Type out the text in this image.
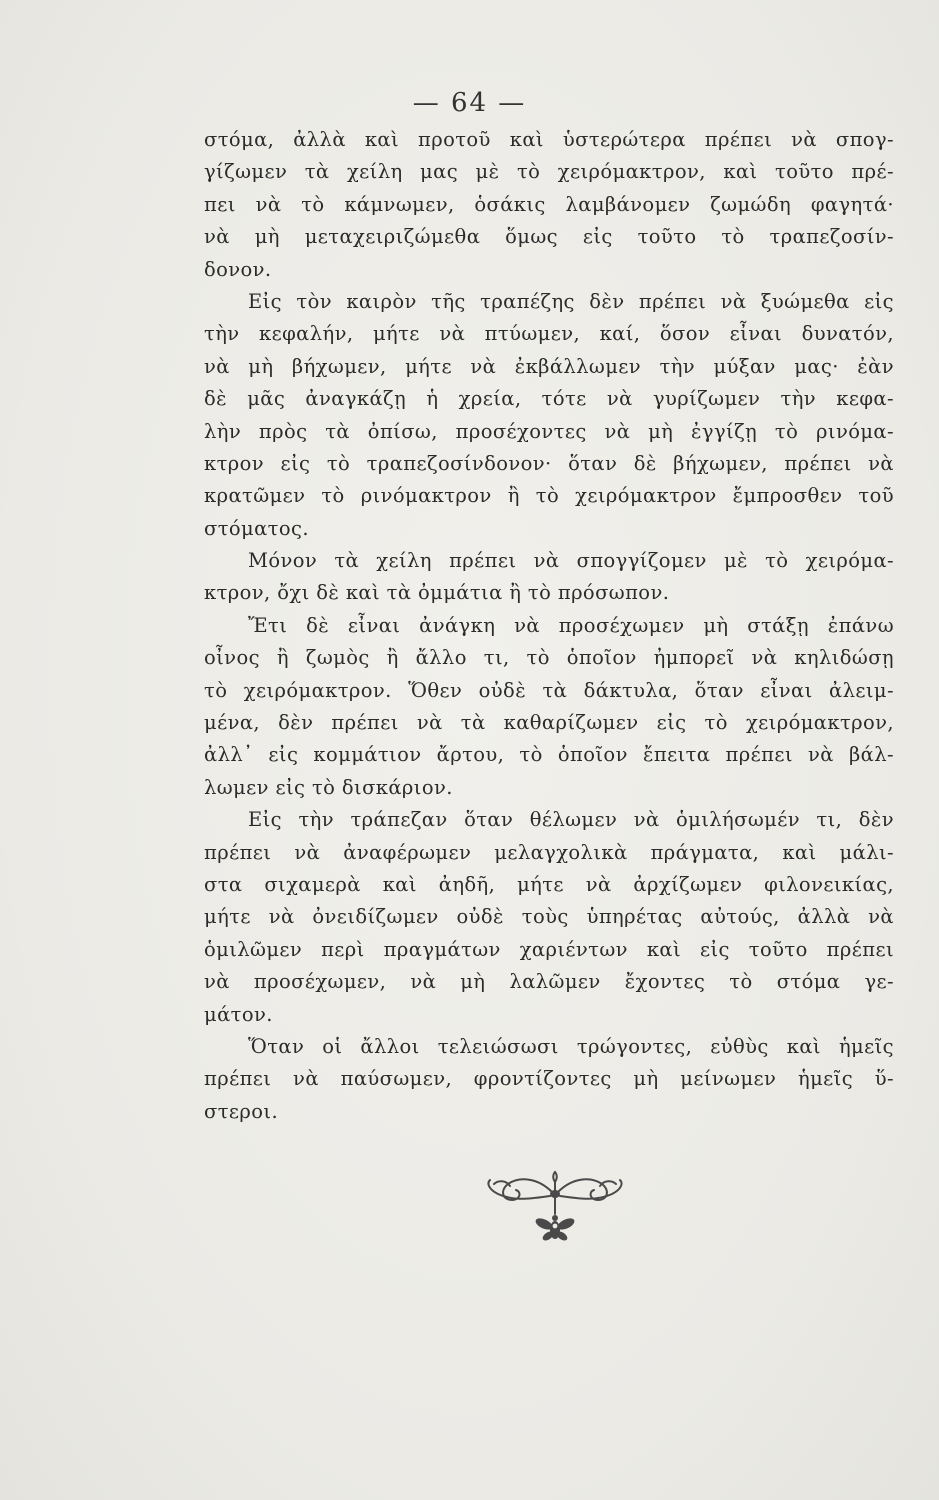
— 64 —
στόμα, ἀλλὰ καὶ προτοῦ καὶ ὑστερώτερα πρέπει νὰ σπογ-
γίζωμεν τὰ χείλη μας μὲ τὸ χειρόμακτρον, καὶ τοῦτο πρέ-
πει νὰ τὸ κάμνωμεν, ὁσάκις λαμβάνομεν ζωμώδη φαγητά·
νὰ μὴ μεταχειριζώμεθα ὅμως εἰς τοῦτο τὸ τραπεζοσίν-
δονον.
Εἰς τὸν καιρὸν τῆς τραπέζης δὲν πρέπει νὰ ξυώμεθα εἰς
τὴν κεφαλήν, μήτε νὰ πτύωμεν, καί, ὅσον εἶναι δυνατόν,
νὰ μὴ βήχωμεν, μήτε νὰ ἐκβάλλωμεν τὴν μύξαν μας· ἐὰν
δὲ μᾶς ἀναγκάζῃ ἡ χρεία, τότε νὰ γυρίζωμεν τὴν κεφα-
λὴν πρὸς τὰ ὀπίσω, προσέχοντες νὰ μὴ ἐγγίζῃ τὸ ρινόμα-
κτρον εἰς τὸ τραπεζοσίνδονον· ὅταν δὲ βήχωμεν, πρέπει νὰ
κρατῶμεν τὸ ρινόμακτρον ἢ τὸ χειρόμακτρον ἔμπροσθεν τοῦ
στόματος.
Μόνον τὰ χείλη πρέπει νὰ σπογγίζομεν μὲ τὸ χειρόμα-
κτρον, ὄχι δὲ καὶ τὰ ὀμμάτια ἢ τὸ πρόσωπον.
Ἔτι δὲ εἶναι ἀνάγκη νὰ προσέχωμεν μὴ στάξῃ ἐπάνω
οἶνος ἢ ζωμὸς ἢ ἄλλο τι, τὸ ὁποῖον ἠμπορεῖ νὰ κηλιδώσῃ
τὸ χειρόμακτρον. Ὅθεν οὐδὲ τὰ δάκτυλα, ὅταν εἶναι ἀλειμ-
μένα, δὲν πρέπει νὰ τὰ καθαρίζωμεν εἰς τὸ χειρόμακτρον,
ἀλλ᾽ εἰς κομμάτιον ἄρτου, τὸ ὁποῖον ἔπειτα πρέπει νὰ βάλ-
λωμεν εἰς τὸ δισκάριον.
Εἰς τὴν τράπεζαν ὅταν θέλωμεν νὰ ὁμιλήσωμέν τι, δὲν
πρέπει νὰ ἀναφέρωμεν μελαγχολικὰ πράγματα, καὶ μάλι-
στα σιχαμερὰ καὶ ἀηδῆ, μήτε νὰ ἀρχίζωμεν φιλονεικίας,
μήτε νὰ ὀνειδίζωμεν οὐδὲ τοὺς ὑπηρέτας αὐτούς, ἀλλὰ νὰ
ὁμιλῶμεν περὶ πραγμάτων χαριέντων καὶ εἰς τοῦτο πρέπει
νὰ προσέχωμεν, νὰ μὴ λαλῶμεν ἔχοντες τὸ στόμα γε-
μάτον.
Ὅταν οἱ ἄλλοι τελειώσωσι τρώγοντες, εὐθὺς καὶ ἡμεῖς
πρέπει νὰ παύσωμεν, φροντίζοντες μὴ μείνωμεν ἡμεῖς ὕ-
στεροι.
